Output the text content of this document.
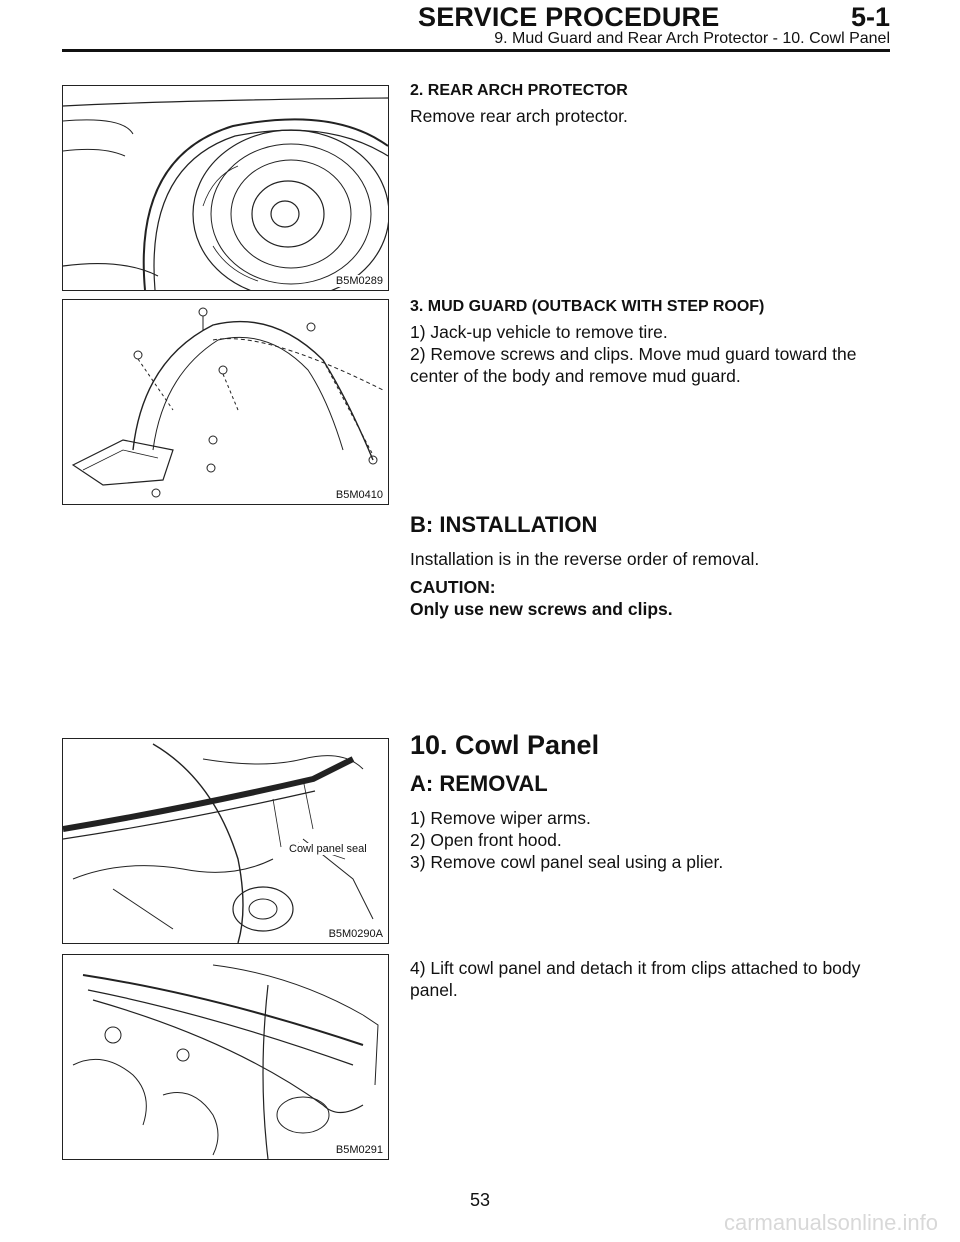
SERVICE PROCEDURE	5-1
9. Mud Guard and Rear Arch Protector - 10. Cowl Panel
B5M0289
B5M0410
Cowl panel seal
B5M0290A
B5M0291
2. REAR ARCH PROTECTOR
Remove rear arch protector.
3. MUD GUARD (OUTBACK WITH STEP ROOF)
1) Jack-up vehicle to remove tire.
2) Remove screws and clips. Move mud guard toward the
center of the body and remove mud guard.
B: INSTALLATION
Installation is in the reverse order of removal.
CAUTION:
Only use new screws and clips.
10. Cowl Panel
A: REMOVAL
1) Remove wiper arms.
2) Open front hood.
3) Remove cowl panel seal using a plier.
4) Lift cowl panel and detach it from clips attached to body
panel.
53
carmanualsonline.info
